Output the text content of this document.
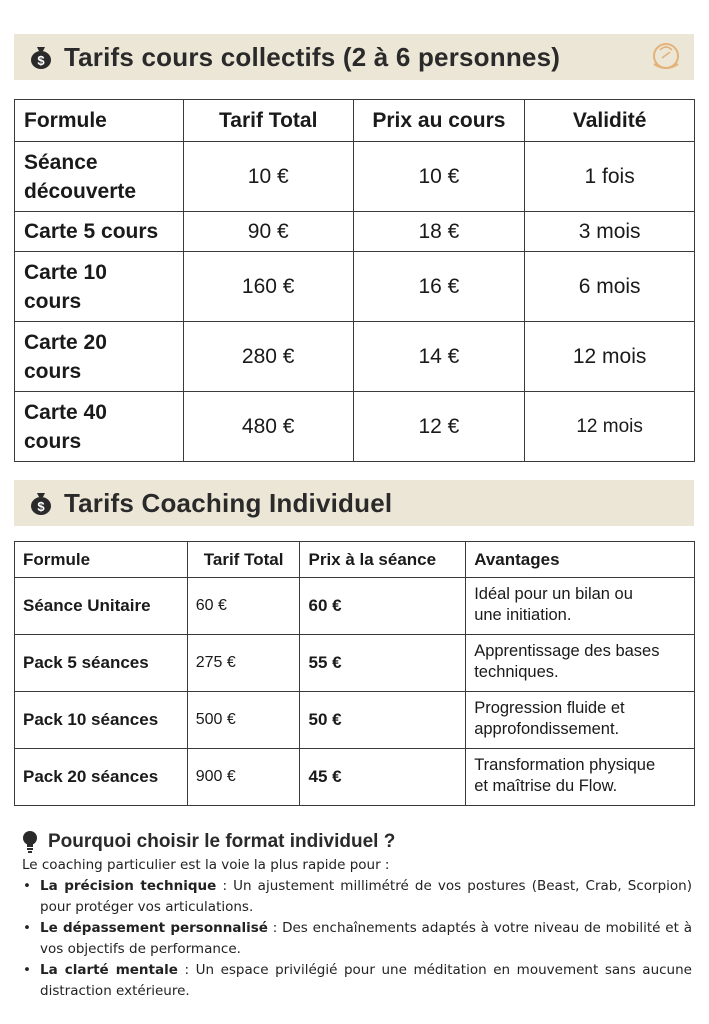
$ Tarifs cours collectifs (2 à 6 personnes)
Formule	Tarif Total	Prix au cours	Validité
Séance
découverte	10 €	10 €	1 fois
Carte 5 cours	90 €	18 €	3 mois
Carte 10
cours	160 €	16 €	6 mois
Carte 20
cours	280 €	14 €	12 mois
Carte 40
cours	480 €	12 €	12 mois
$ Tarifs Coaching Individuel
Formule	Tarif Total	Prix à la séance	Avantages
Séance Unitaire	60 €	60 €	Idéal pour un bilan ou
une initiation.
Pack 5 séances	275 €	55 €	Apprentissage des bases
techniques.
Pack 10 séances	500 €	50 €	Progression fluide et
approfondissement.
Pack 20 séances	900 €	45 €	Transformation physique
et maîtrise du Flow.
Pourquoi choisir le format individuel ?
Le coaching particulier est la voie la plus rapide pour :
• La précision technique : Un ajustement millimétré de vos postures (Beast, Crab, Scorpion) pour protéger vos articulations.
• Le dépassement personnalisé : Des enchaînements adaptés à votre niveau de mobilité et à vos objectifs de performance.
• La clarté mentale : Un espace privilégié pour une méditation en mouvement sans aucune distraction extérieure.
